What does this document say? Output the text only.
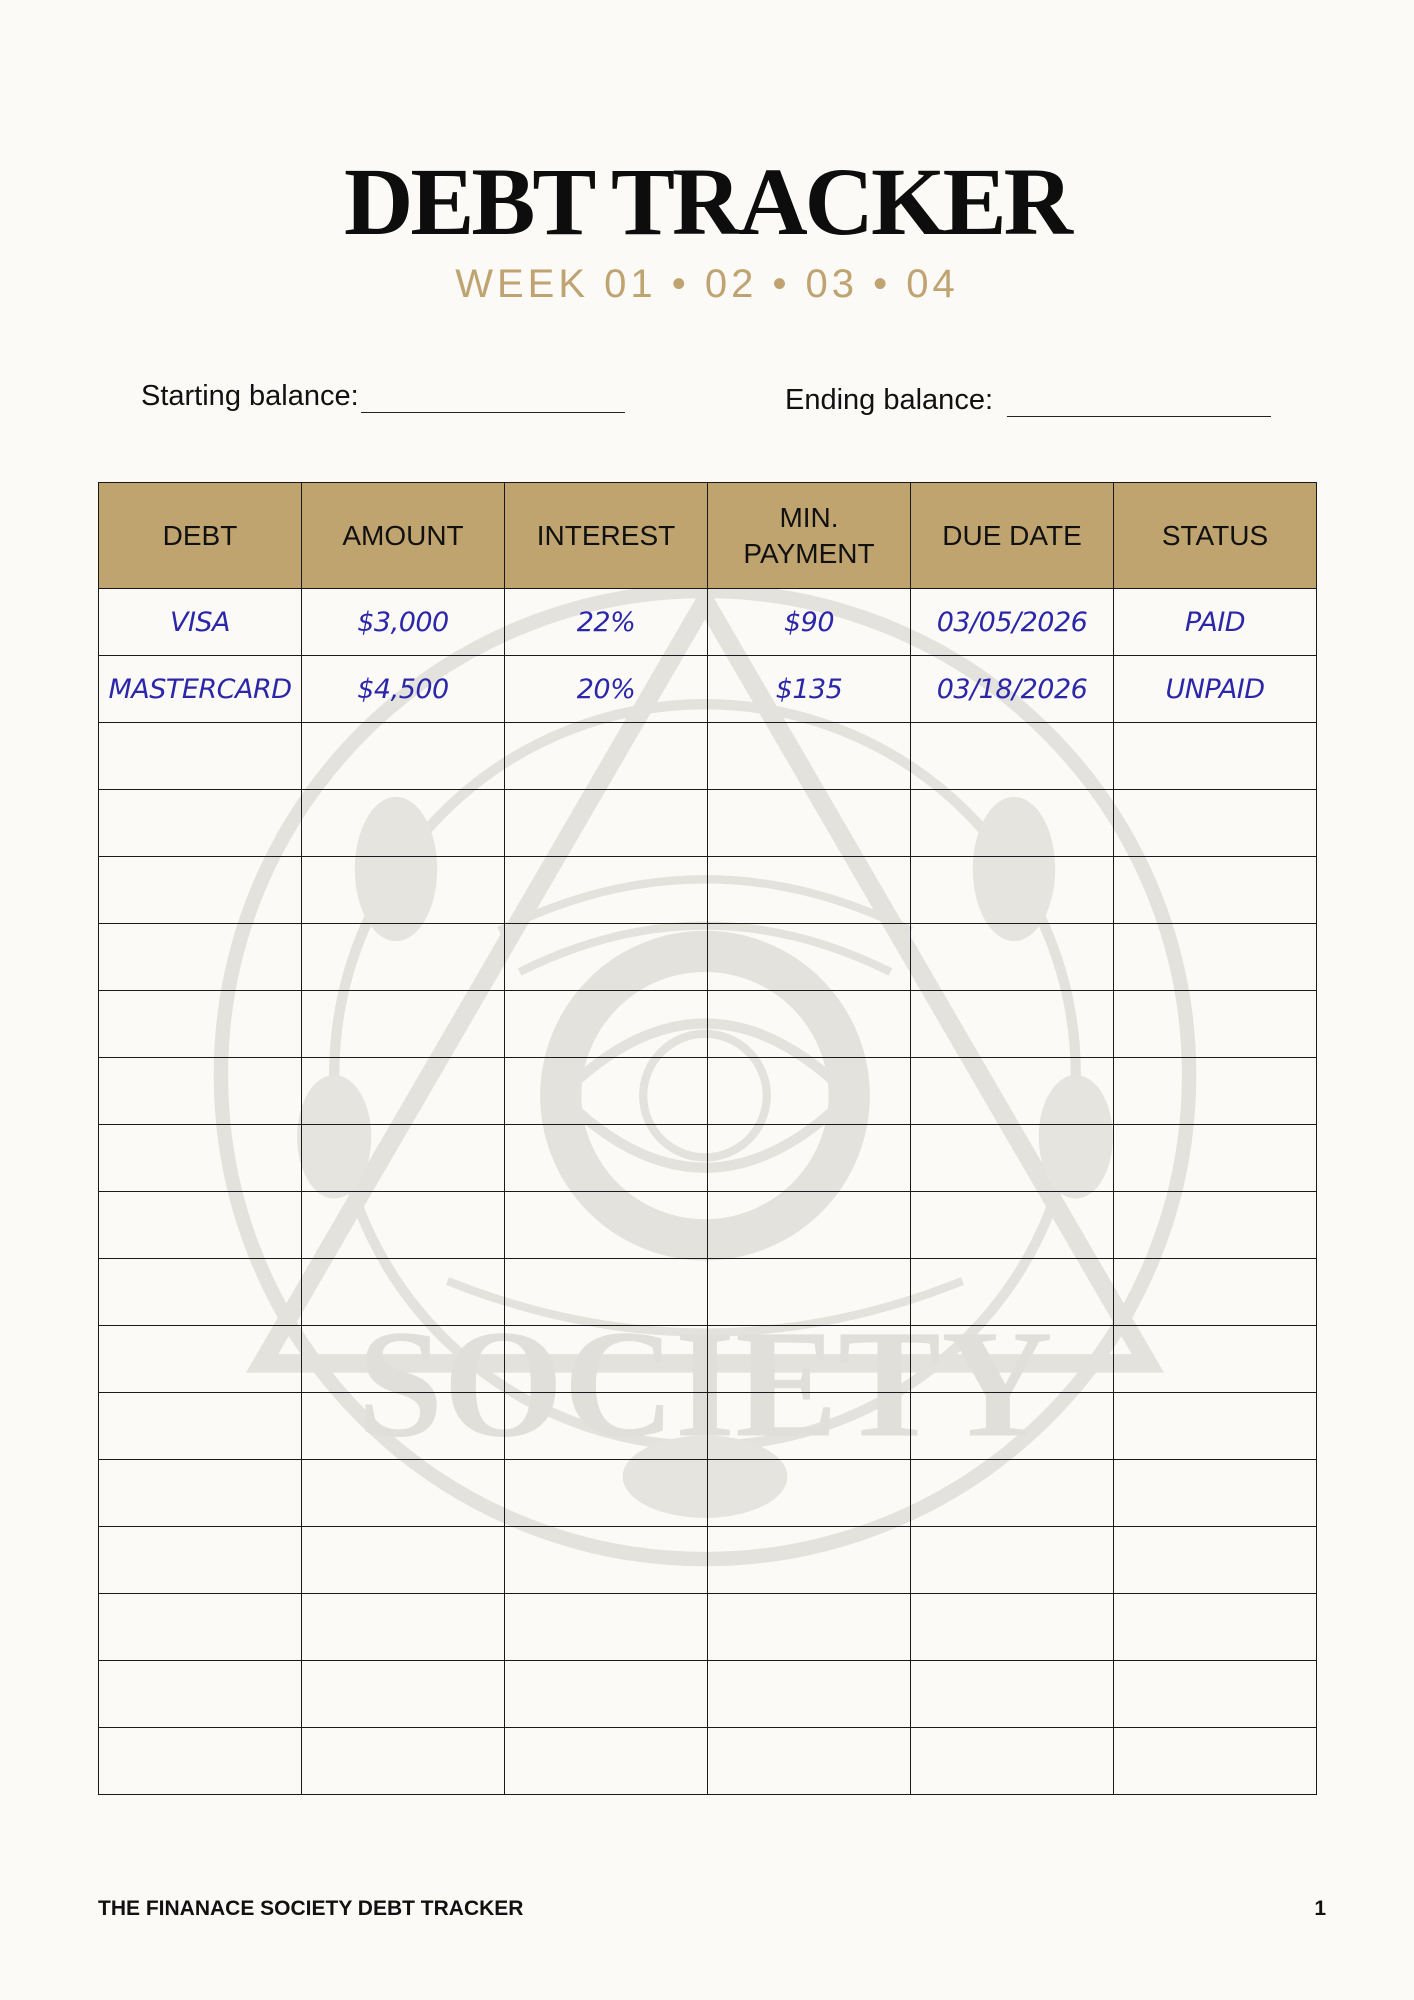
SOCIETY
DEBT TRACKER
WEEK 01 • 02 • 03 • 04
Starting balance:	Ending balance:
DEBT	AMOUNT	INTEREST	MIN. PAYMENT	DUE DATE	STATUS
VISA	$3,000	22%	$90	03/05/2026	PAID
MASTERCARD	$4,500	20%	$135	03/18/2026	UNPAID

THE FINANACE SOCIETY DEBT TRACKER	1
